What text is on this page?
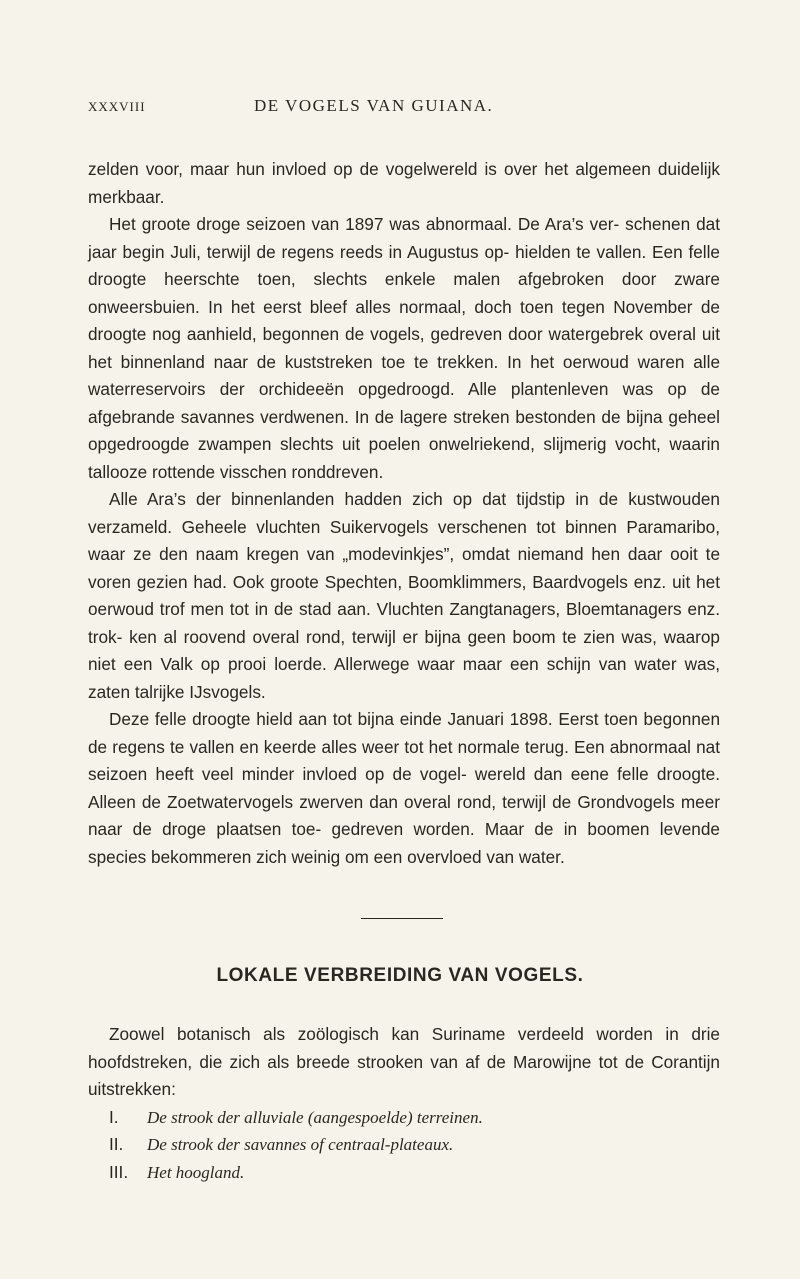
XXXVIII	DE VOGELS VAN GUIANA.

zelden voor, maar hun invloed op de vogelwereld is over het algemeen duidelijk merkbaar.

Het groote droge seizoen van 1897 was abnormaal. De Ara’s ver- schenen dat jaar begin Juli, terwijl de regens reeds in Augustus op- hielden te vallen. Een felle droogte heerschte toen, slechts enkele malen afgebroken door zware onweersbuien. In het eerst bleef alles normaal, doch toen tegen November de droogte nog aanhield, begonnen de vogels, gedreven door watergebrek overal uit het binnenland naar de kuststreken toe te trekken. In het oerwoud waren alle waterreservoirs der orchideeën opgedroogd. Alle plantenleven was op de afgebrande savannes verdwenen. In de lagere streken bestonden de bijna geheel opgedroogde zwampen slechts uit poelen onwelriekend, slijmerig vocht, waarin tallooze rottende visschen ronddreven.

Alle Ara’s der binnenlanden hadden zich op dat tijdstip in de kustwouden verzameld. Geheele vluchten Suikervogels verschenen tot binnen Paramaribo, waar ze den naam kregen van „modevinkjes”, omdat niemand hen daar ooit te voren gezien had. Ook groote Spechten, Boomklimmers, Baardvogels enz. uit het oerwoud trof men tot in de stad aan. Vluchten Zangtanagers, Bloemtanagers enz. trok- ken al roovend overal rond, terwijl er bijna geen boom te zien was, waarop niet een Valk op prooi loerde. Allerwege waar maar een schijn van water was, zaten talrijke IJsvogels.

Deze felle droogte hield aan tot bijna einde Januari 1898. Eerst toen begonnen de regens te vallen en keerde alles weer tot het normale terug. Een abnormaal nat seizoen heeft veel minder invloed op de vogel- wereld dan eene felle droogte. Alleen de Zoetwatervogels zwerven dan overal rond, terwijl de Grondvogels meer naar de droge plaatsen toe- gedreven worden. Maar de in boomen levende species bekommeren zich weinig om een overvloed van water.

LOKALE VERBREIDING VAN VOGELS.

Zoowel botanisch als zoölogisch kan Suriname verdeeld worden in drie hoofdstreken, die zich als breede strooken van af de Marowijne tot de Corantijn uitstrekken:

I.	De strook der alluviale (aangespoelde) terreinen.
II.	De strook der savannes of centraal-plateaux.
III.	Het hoogland.
